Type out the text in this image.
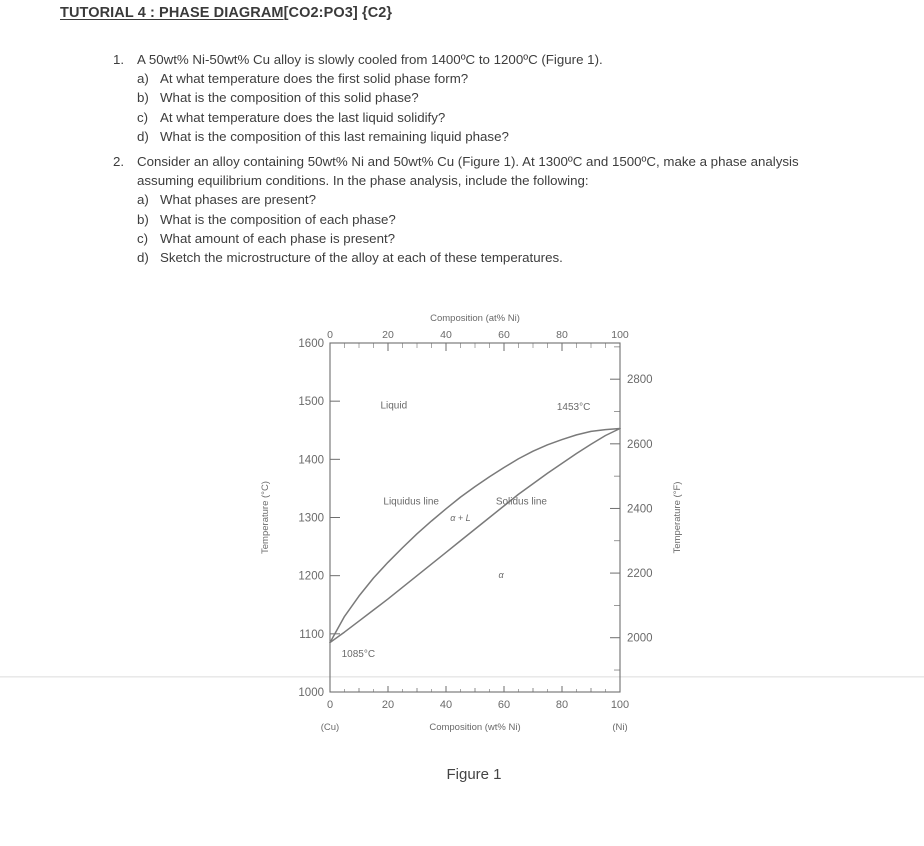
TUTORIAL 4 : PHASE DIAGRAM[CO2:PO3] {C2}
1. A 50wt% Ni-50wt% Cu alloy is slowly cooled from 1400ºC to 1200ºC (Figure 1).
a) At what temperature does the first solid phase form?
b) What is the composition of this solid phase?
c) At what temperature does the last liquid solidify?
d) What is the composition of this last remaining liquid phase?
2. Consider an alloy containing 50wt% Ni and 50wt% Cu (Figure 1). At 1300ºC and 1500ºC, make a phase analysis assuming equilibrium conditions. In the phase analysis, include the following:
a) What phases are present?
b) What is the composition of each phase?
c) What amount of each phase is present?
d) Sketch the microstructure of the alloy at each of these temperatures.
0	20	40	60	80	100
0	20	40	60	80	100
Composition (at% Ni)
1000
1100
1200
1300
1400
1500
1600
Temperature (°C)
2000
2200
2400
2600
2800
Temperature (°F)
Liquid	1453°C
Liquidus line	Solidus line
α + L
α
1085°C
(Cu)	(Ni)
Composition (wt% Ni)
Figure 1
